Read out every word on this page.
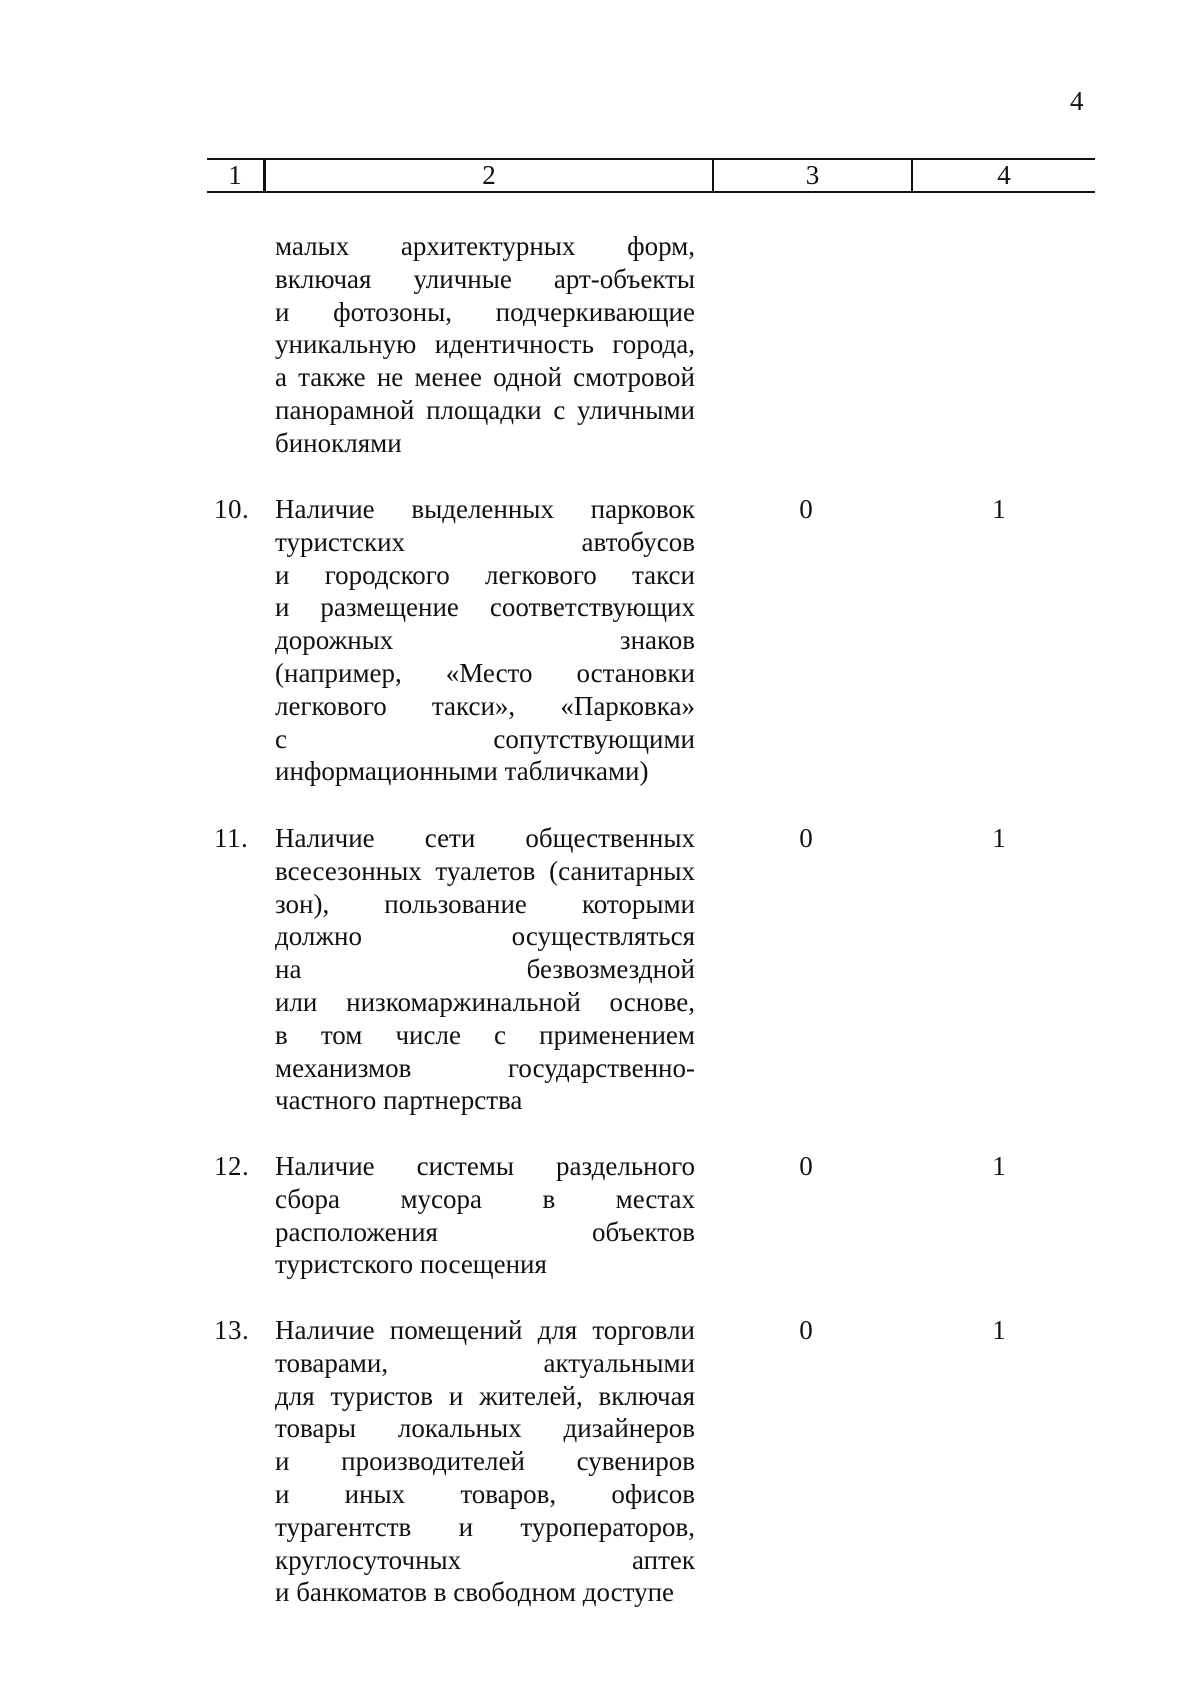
4
1	2	3	4
малых архитектурных форм,
включая уличные арт-объекты
и фотозоны, подчеркивающие
уникальную идентичность города,
а также не менее одной смотровой
панорамной площадки с уличными
биноклями
10. Наличие выделенных парковок
туристских автобусов
и городского легкового такси
и размещение соответствующих
дорожных знаков
(например, «Место остановки
легкового такси», «Парковка»
с сопутствующими
информационными табличками)
0	1
11. Наличие сети общественных
всесезонных туалетов (санитарных
зон), пользование которыми
должно осуществляться
на безвозмездной
или низкомаржинальной основе,
в том числе с применением
механизмов государственно-
частного партнерства
0	1
12. Наличие системы раздельного
сбора мусора в местах
расположения объектов
туристского посещения
0	1
13. Наличие помещений для торговли
товарами, актуальными
для туристов и жителей, включая
товары локальных дизайнеров
и производителей сувениров
и иных товаров, офисов
турагентств и туроператоров,
круглосуточных аптек
и банкоматов в свободном доступе
0	1
